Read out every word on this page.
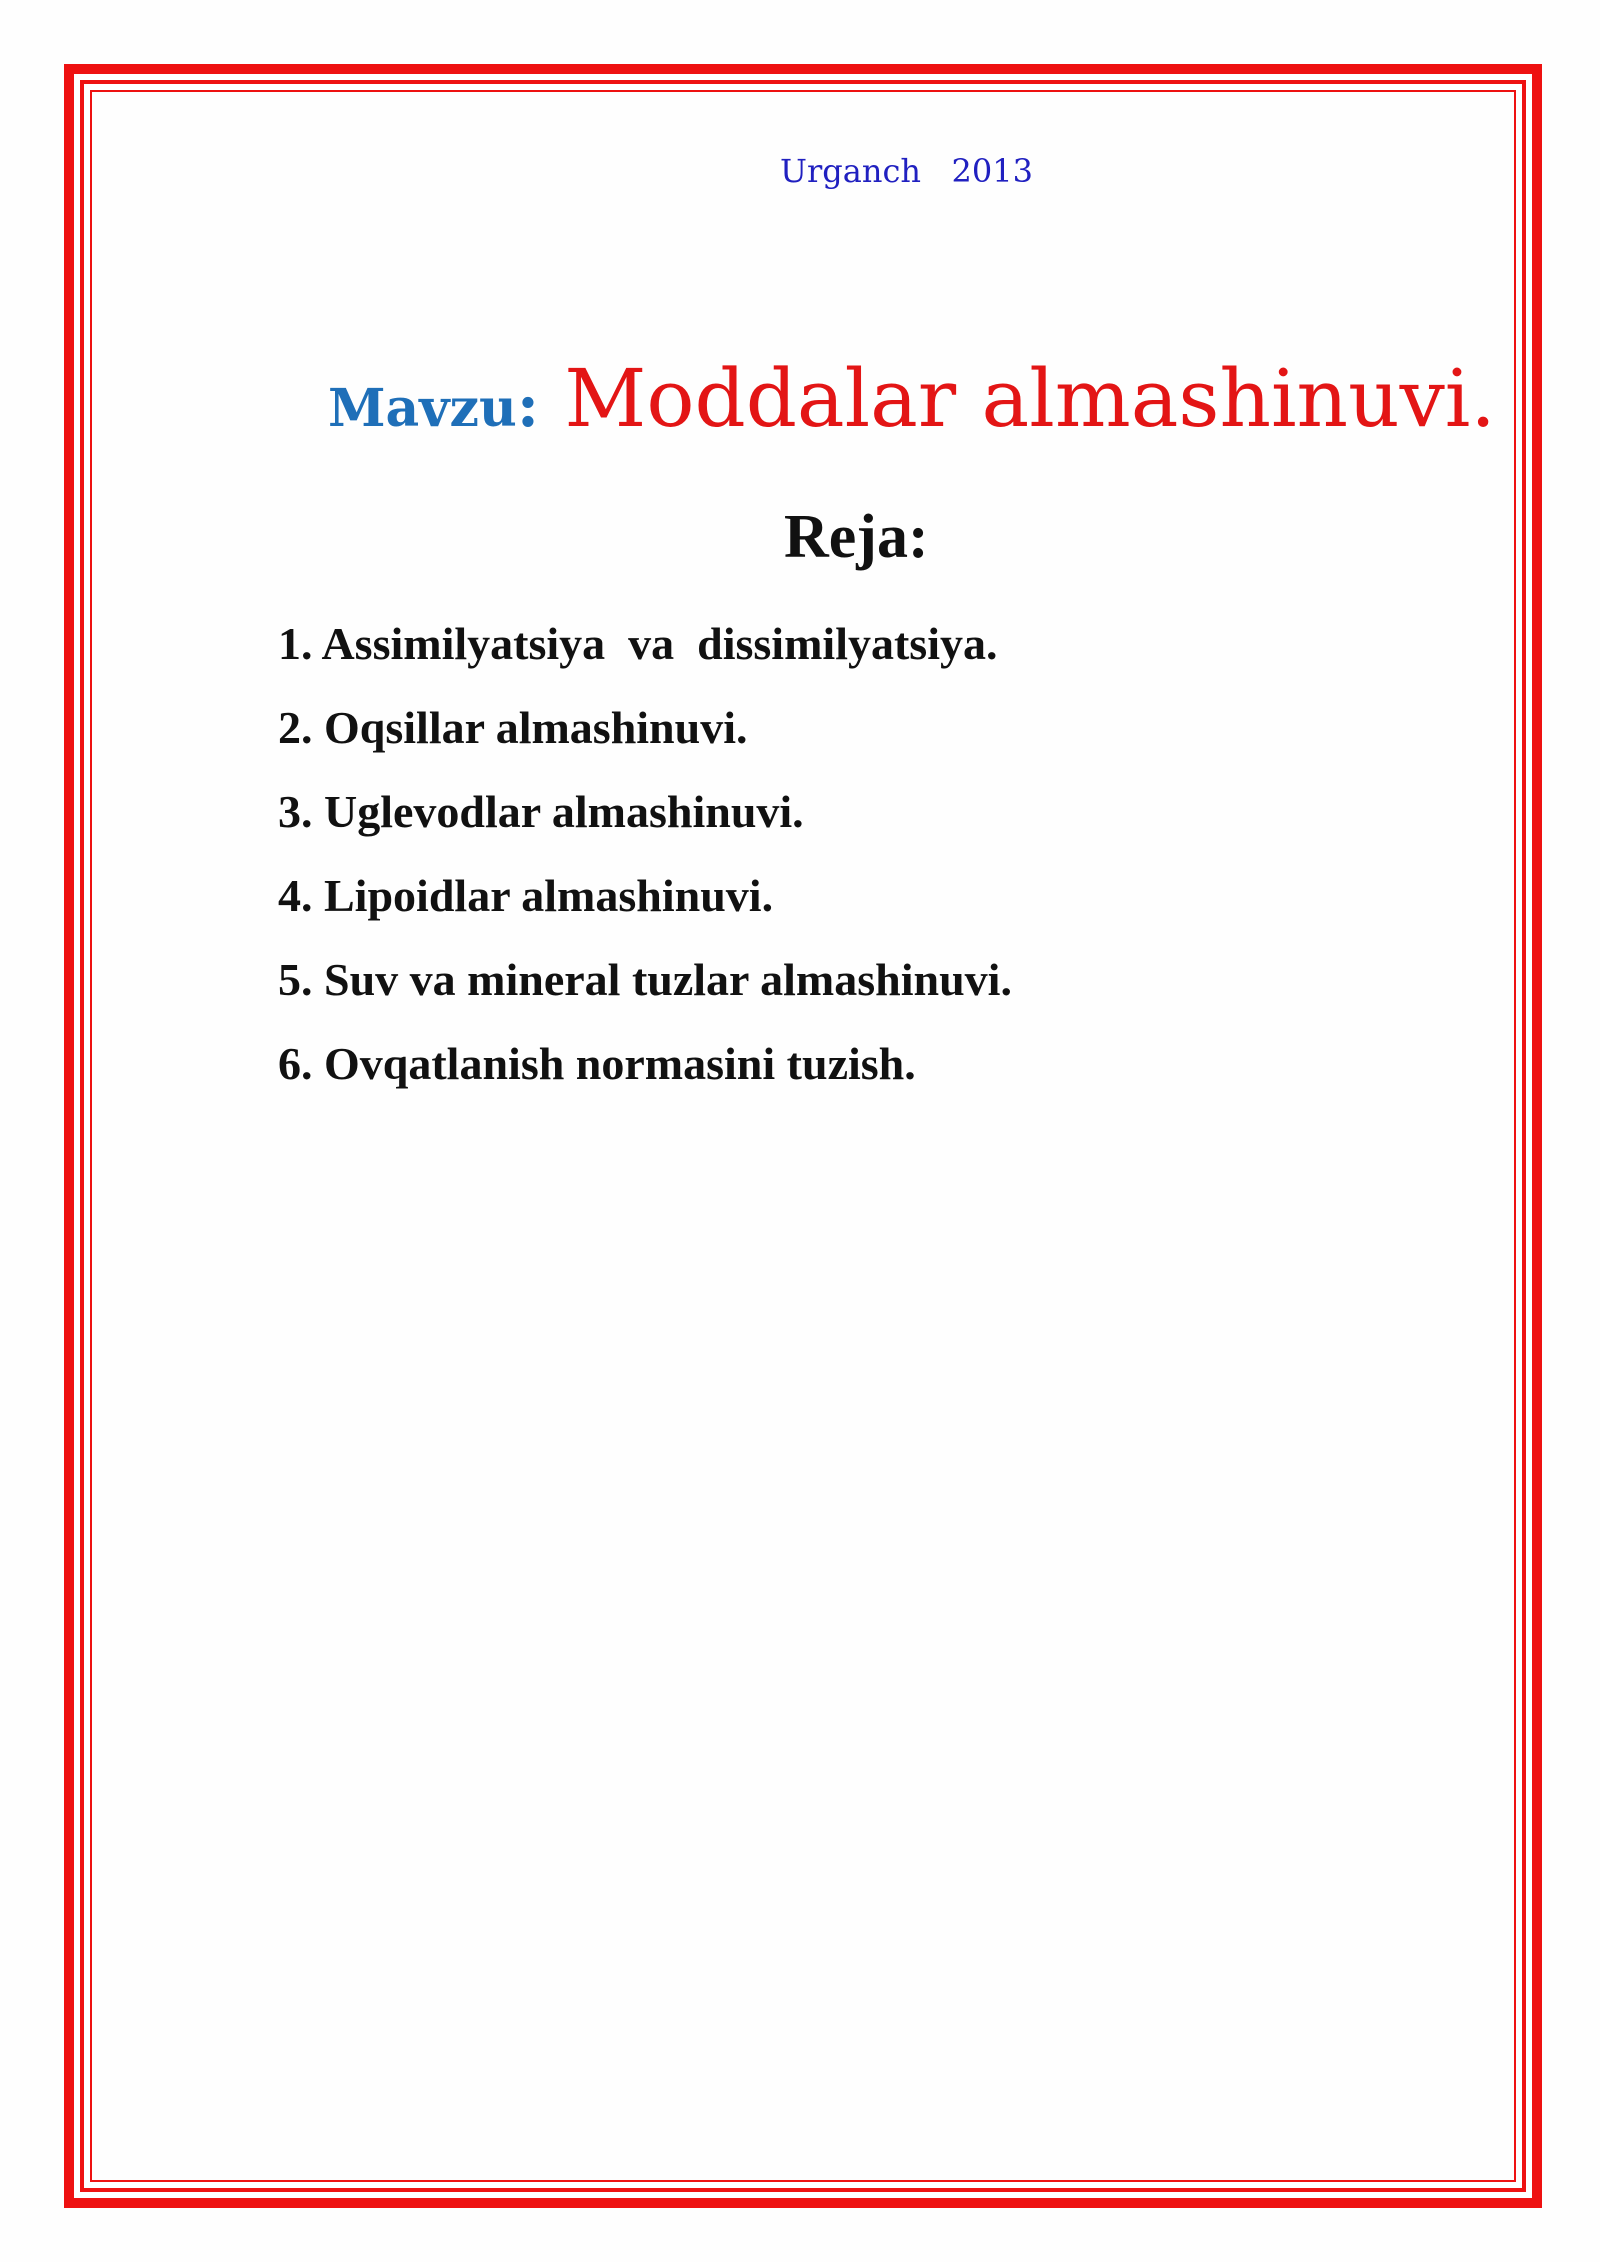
Urganch   2013
Mavzu: Moddalar almashinuvi.
Reja:
1. Assimilyatsiya  va  dissimilyatsiya.
2. Oqsillar almashinuvi.
3. Uglevodlar almashinuvi.
4. Lipoidlar almashinuvi.
5. Suv va mineral tuzlar almashinuvi.
6. Ovqatlanish normasini tuzish.
